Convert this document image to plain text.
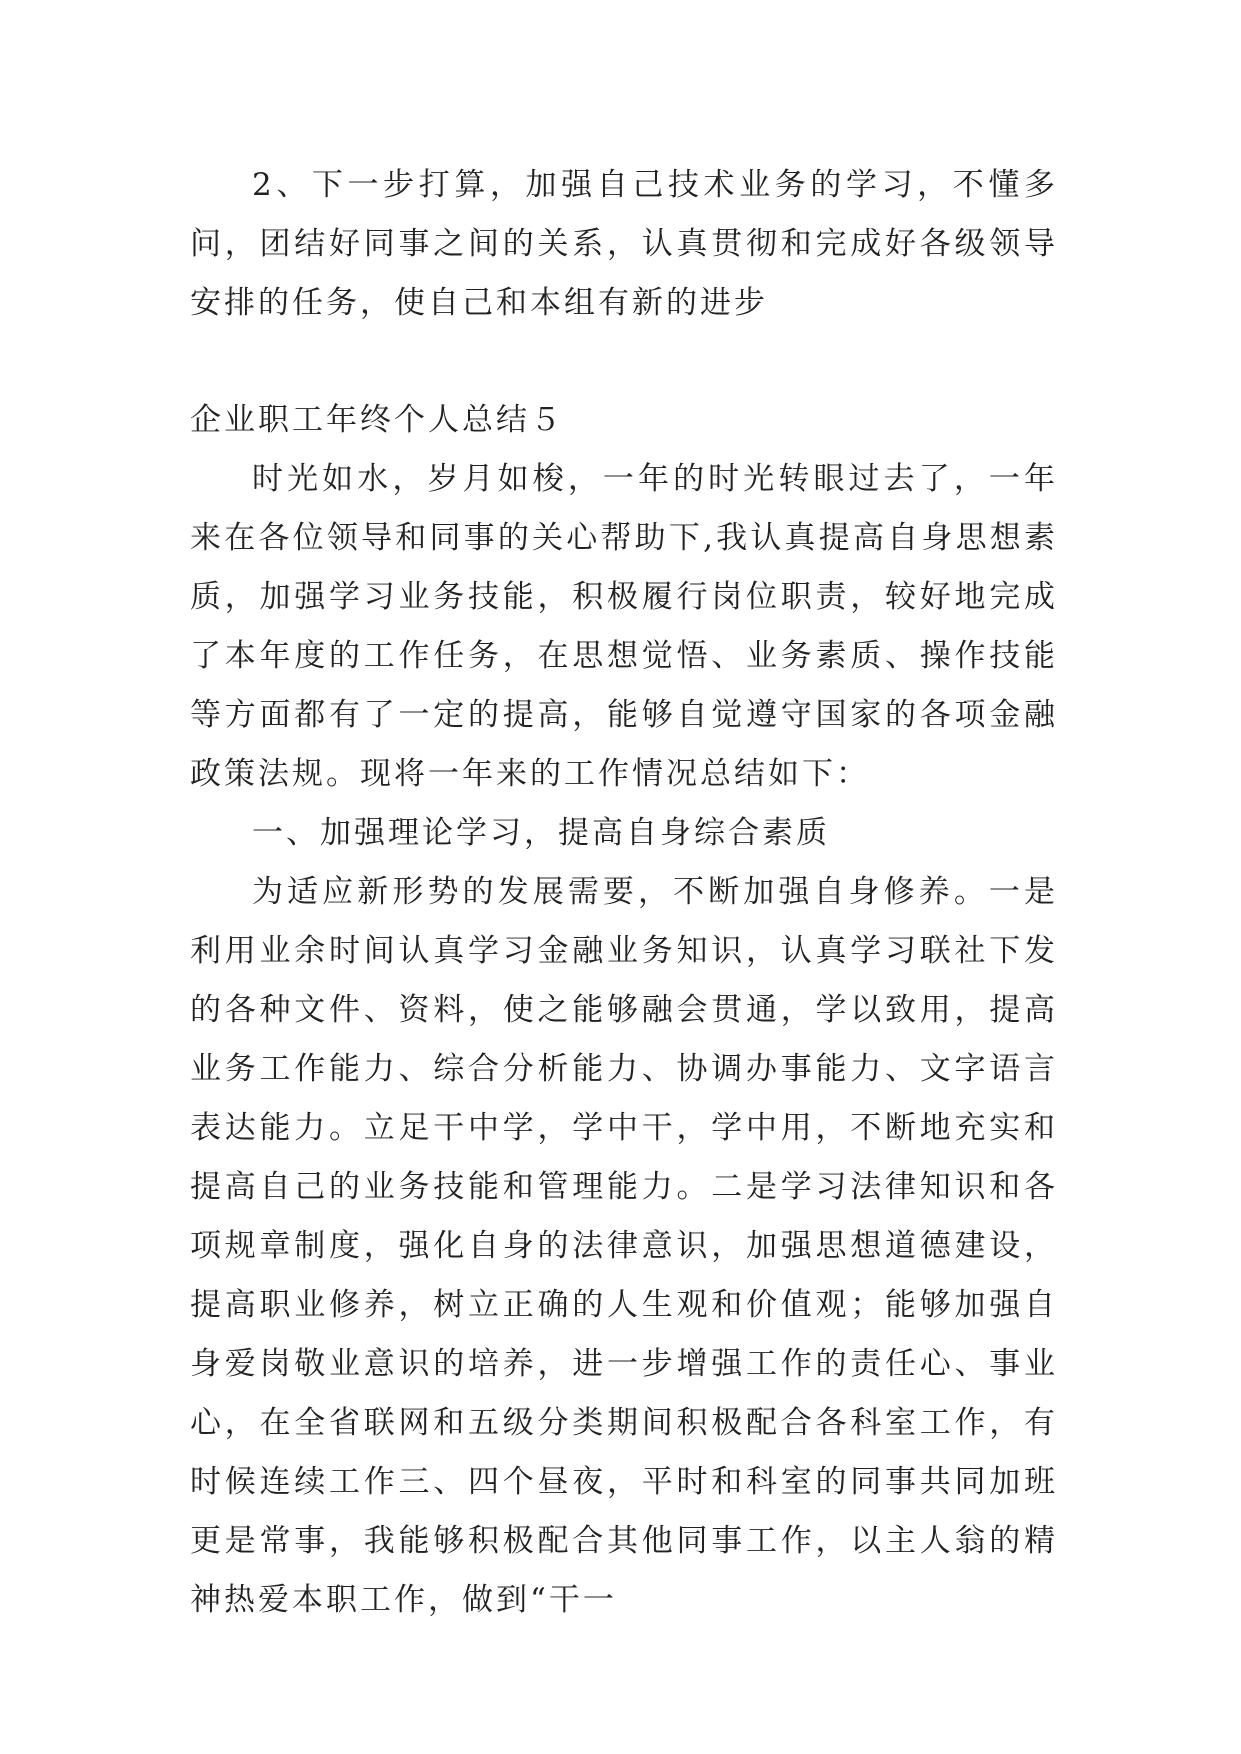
2、下一步打算，加强自己技术业务的学习，不懂多问，团结好同事之间的关系，认真贯彻和完成好各级领导安排的任务，使自己和本组有新的进步

企业职工年终个人总结５

时光如水，岁月如梭，一年的时光转眼过去了，一年来在各位领导和同事的关心帮助下,我认真提高自身思想素质，加强学习业务技能，积极履行岗位职责，较好地完成了本年度的工作任务，在思想觉悟、业务素质、操作技能等方面都有了一定的提高，能够自觉遵守国家的各项金融政策法规。现将一年来的工作情况总结如下：

一、加强理论学习，提高自身综合素质

为适应新形势的发展需要，不断加强自身修养。一是利用业余时间认真学习金融业务知识，认真学习联社下发的各种文件、资料，使之能够融会贯通，学以致用，提高业务工作能力、综合分析能力、协调办事能力、文字语言表达能力。立足干中学，学中干，学中用，不断地充实和提高自己的业务技能和管理能力。二是学习法律知识和各项规章制度，强化自身的法律意识，加强思想道德建设，提高职业修养，树立正确的人生观和价值观；能够加强自身爱岗敬业意识的培养，进一步增强工作的责任心、事业心，在全省联网和五级分类期间积极配合各科室工作，有时候连续工作三、四个昼夜，平时和科室的同事共同加班更是常事，我能够积极配合其他同事工作，以主人翁的精神热爱本职工作，做到“干一
